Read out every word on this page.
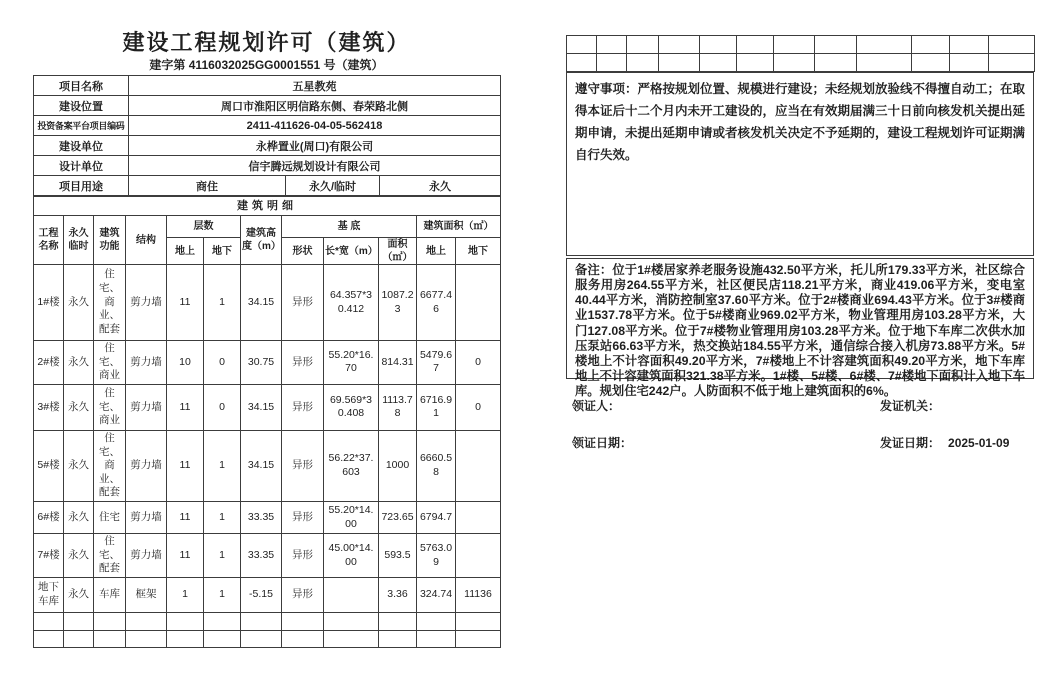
建设工程规划许可（建筑）
建字第 4116032025GG0001551 号（建筑）
项目名称	五星教苑		
建设位置	周口市淮阳区明信路东侧、春荣路北侧		
投资备案平台项目编码	2411-411626-04-05-562418		
建设单位	永桦置业(周口)有限公司		
设计单位	信宇腾远规划设计有限公司		
项目用途	商住	永久/临时	永久
建筑明细											
工程名称	永久临时	建筑功能	结构	层数		建筑高度（m）	基 底			建筑面积（㎡）	
				地上	地下		形状	长*宽（m）	面积（㎡）	地上	地下
1#楼	永久	住宅、商业、配套	剪力墙	11	1	34.15	异形	64.357*30.412	1087.23	6677.46	
2#楼	永久	住宅、商业	剪力墙	10	0	30.75	异形	55.20*16.70	814.31	5479.67	0
3#楼	永久	住宅、商业	剪力墙	11	0	34.15	异形	69.569*30.408	1113.78	6716.91	0
5#楼	永久	住宅、商业、配套	剪力墙	11	1	34.15	异形	56.22*37.603	1000	6660.58	
6#楼	永久	住宅	剪力墙	11	1	33.35	异形	55.20*14.00	723.65	6794.7	
7#楼	永久	住宅、配套	剪力墙	11	1	33.35	异形	45.00*14.00	593.5	5763.09	
地下车库	永久	车库	框架	1	1	-5.15	异形		3.36	324.74	11136

遵守事项：严格按规划位置、规模进行建设；未经规划放验线不得擅自动工；在取得本证后十二个月内未开工建设的，应当在有效期届满三十日前向核发机关提出延期申请，未提出延期申请或者核发机关决定不予延期的，建设工程规划许可证期满自行失效。
备注：位于1#楼居家养老服务设施432.50平方米，托儿所179.33平方米，社区综合服务用房264.55平方米，社区便民店118.21平方米，商业419.06平方米，变电室40.44平方米，消防控制室37.60平方米。位于2#楼商业694.43平方米。位于3#楼商业1537.78平方米。位于5#楼商业969.02平方米，物业管理用房103.28平方米，大门127.08平方米。位于7#楼物业管理用房103.28平方米。位于地下车库二次供水加压泵站66.63平方米，热交换站184.55平方米，通信综合接入机房73.88平方米。5#楼地上不计容面积49.20平方米，7#楼地上不计容建筑面积49.20平方米，地下车库地上不计容建筑面积321.38平方米。1#楼、5#楼、6#楼、7#楼地下面积计入地下车库。规划住宅242户。人防面积不低于地上建筑面积的6%。
领证人：	发证机关：
领证日期：	发证日期： 2025-01-09
